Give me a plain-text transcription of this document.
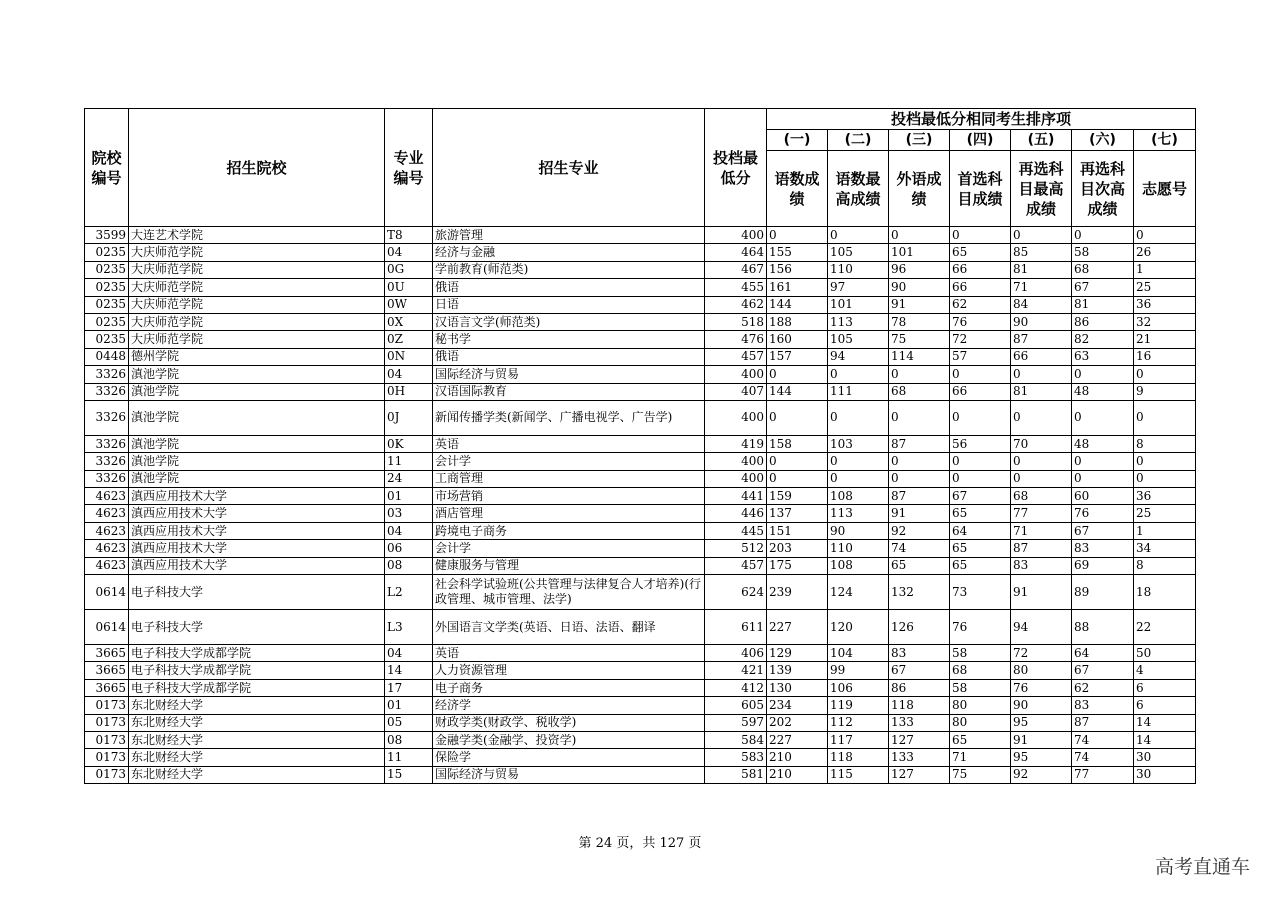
院校编号	招生院校	专业编号	招生专业	投档最低分	投档最低分相同考生排序项						
					(一)	(二)	(三)	(四)	(五)	(六)	(七)
					语数成绩	语数最高成绩	外语成绩	首选科目成绩	再选科目最高成绩	再选科目次高成绩	志愿号
3599	大连艺术学院	T8	旅游管理	400	0	0	0	0	0	0	0
0235	大庆师范学院	04	经济与金融	464	155	105	101	65	85	58	26
0235	大庆师范学院	0G	学前教育(师范类)	467	156	110	96	66	81	68	1
0235	大庆师范学院	0U	俄语	455	161	97	90	66	71	67	25
0235	大庆师范学院	0W	日语	462	144	101	91	62	84	81	36
0235	大庆师范学院	0X	汉语言文学(师范类)	518	188	113	78	76	90	86	32
0235	大庆师范学院	0Z	秘书学	476	160	105	75	72	87	82	21
0448	德州学院	0N	俄语	457	157	94	114	57	66	63	16
3326	滇池学院	04	国际经济与贸易	400	0	0	0	0	0	0	0
3326	滇池学院	0H	汉语国际教育	407	144	111	68	66	81	48	9
3326	滇池学院	0J	新闻传播学类(新闻学、广播电视学、广告学)	400	0	0	0	0	0	0	0
3326	滇池学院	0K	英语	419	158	103	87	56	70	48	8
3326	滇池学院	11	会计学	400	0	0	0	0	0	0	0
3326	滇池学院	24	工商管理	400	0	0	0	0	0	0	0
4623	滇西应用技术大学	01	市场营销	441	159	108	87	67	68	60	36
4623	滇西应用技术大学	03	酒店管理	446	137	113	91	65	77	76	25
4623	滇西应用技术大学	04	跨境电子商务	445	151	90	92	64	71	67	1
4623	滇西应用技术大学	06	会计学	512	203	110	74	65	87	83	34
4623	滇西应用技术大学	08	健康服务与管理	457	175	108	65	65	83	69	8
0614	电子科技大学	L2	社会科学试验班(公共管理与法律复合人才培养)(行政管理、城市管理、法学)	624	239	124	132	73	91	89	18
0614	电子科技大学	L3	外国语言文学类(英语、日语、法语、翻译	611	227	120	126	76	94	88	22
3665	电子科技大学成都学院	04	英语	406	129	104	83	58	72	64	50
3665	电子科技大学成都学院	14	人力资源管理	421	139	99	67	68	80	67	4
3665	电子科技大学成都学院	17	电子商务	412	130	106	86	58	76	62	6
0173	东北财经大学	01	经济学	605	234	119	118	80	90	83	6
0173	东北财经大学	05	财政学类(财政学、税收学)	597	202	112	133	80	95	87	14
0173	东北财经大学	08	金融学类(金融学、投资学)	584	227	117	127	65	91	74	14
0173	东北财经大学	11	保险学	583	210	118	133	71	95	74	30
0173	东北财经大学	15	国际经济与贸易	581	210	115	127	75	92	77	30
第 24 页，共 127 页
高考直通车
